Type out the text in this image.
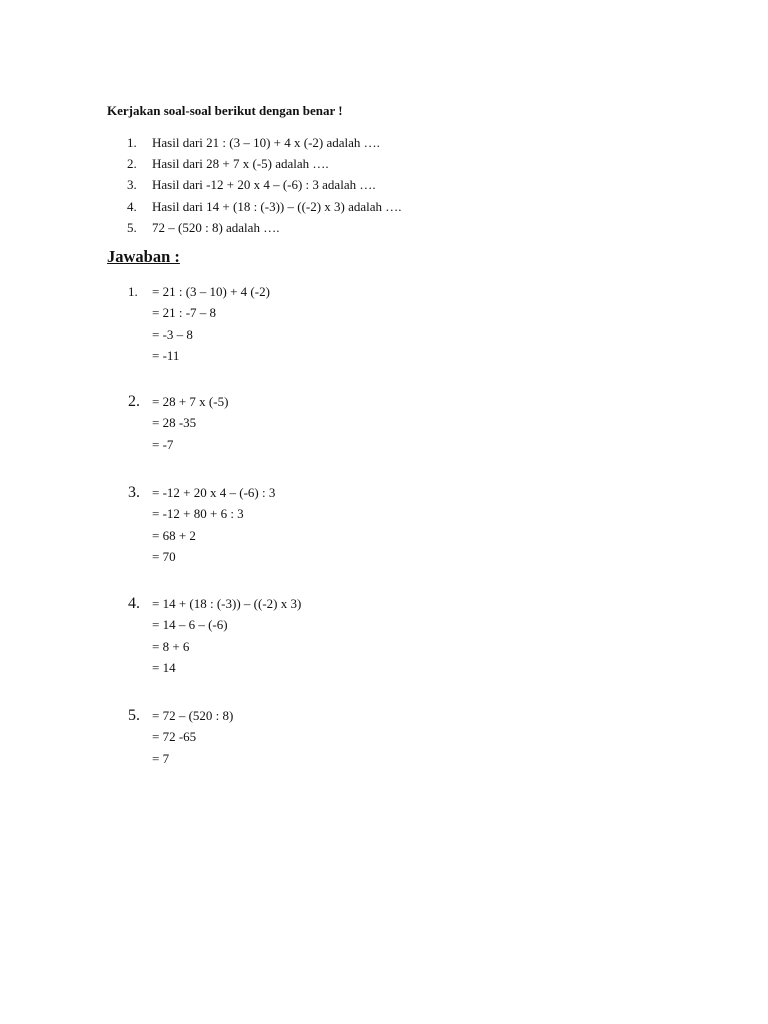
Kerjakan soal-soal berikut dengan benar !
1. Hasil dari 21 : (3 – 10) + 4 x (-2) adalah ….
2. Hasil dari 28 + 7 x (-5) adalah ….
3. Hasil dari -12 + 20 x 4 – (-6) : 3 adalah ….
4. Hasil dari 14 + (18 : (-3)) – ((-2) x 3) adalah ….
5. 72 – (520 : 8) adalah ….
Jawaban :
1. = 21 : (3 – 10) + 4 (-2)
= 21 : -7 – 8
= -3 – 8
= -11
2. = 28 + 7 x (-5)
= 28 -35
= -7
3. = -12 + 20 x 4 – (-6) : 3
= -12 + 80 + 6 : 3
= 68 + 2
= 70
4. = 14 + (18 : (-3)) – ((-2) x 3)
= 14 – 6 – (-6)
= 8 + 6
= 14
5. = 72 – (520 : 8)
= 72 -65
= 7
